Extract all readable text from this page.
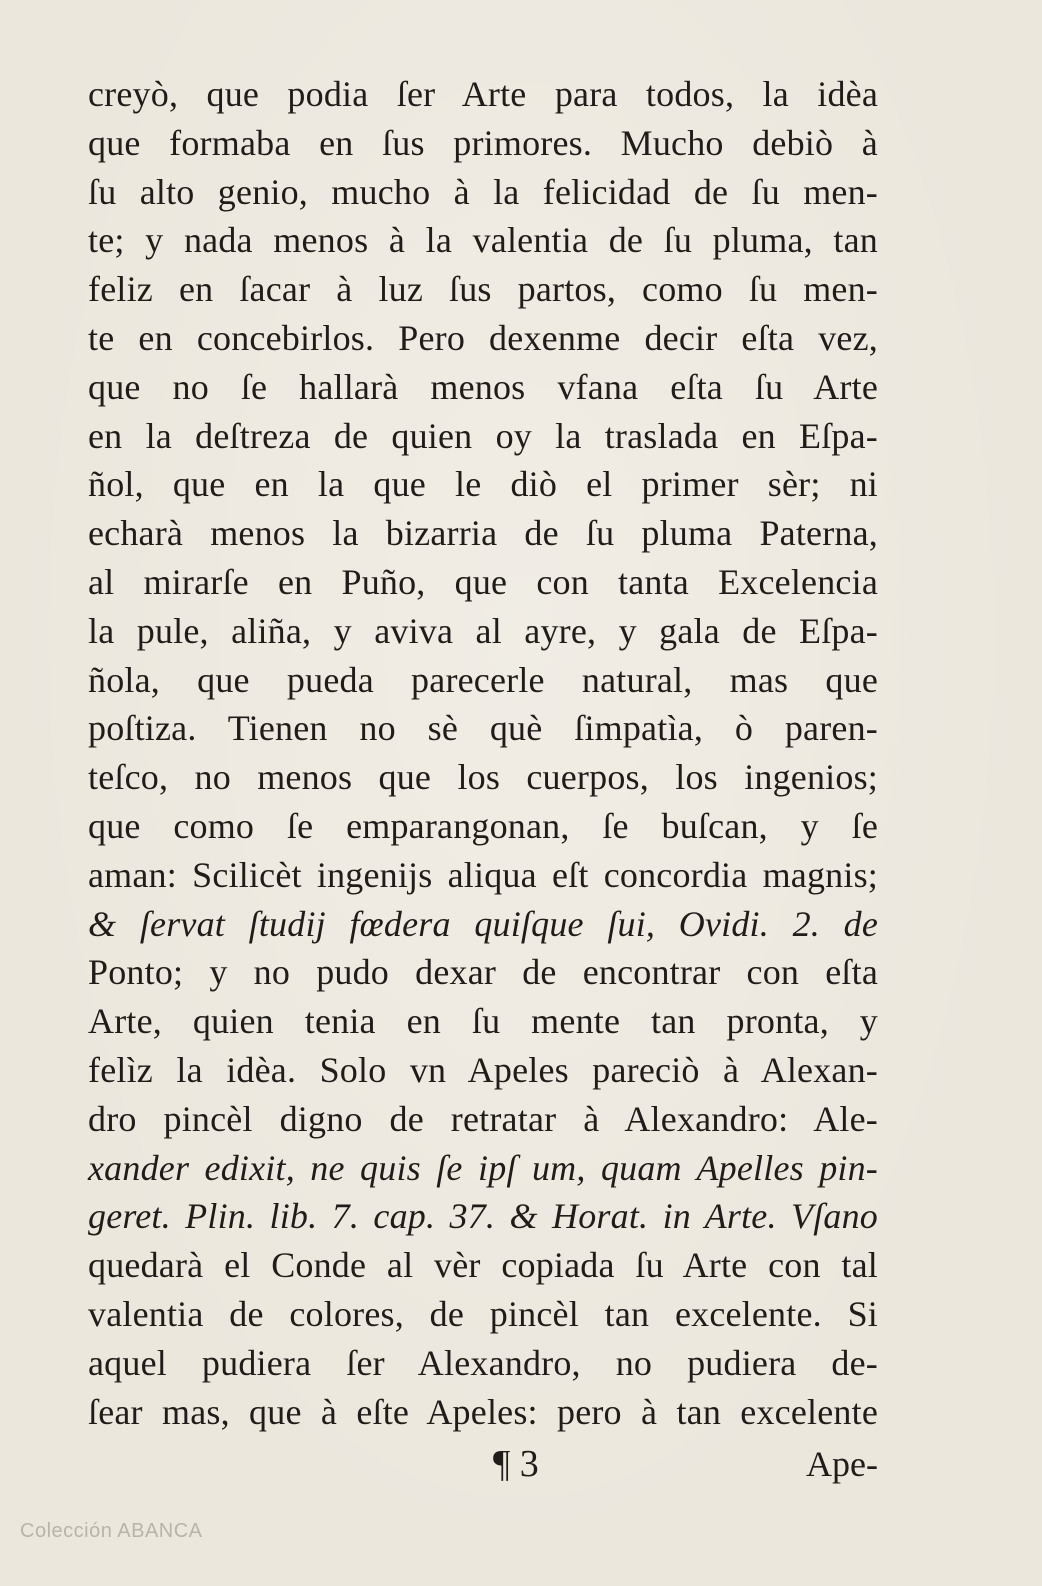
creyò, que podia ſer Arte para todos, la idèa
que formaba en ſus primores. Mucho debiò à
ſu alto genio, mucho à la felicidad de ſu men-
te; y nada menos à la valentia de ſu pluma, tan
feliz en ſacar à luz ſus partos, como ſu men-
te en concebirlos. Pero dexenme decir eſta vez,
que no ſe hallarà menos vfana eſta ſu Arte
en la deſtreza de quien oy la traslada en Eſpa-
ñol, que en la que le diò el primer sèr; ni
echarà menos la bizarria de ſu pluma Paterna,
al mirarſe en Puño, que con tanta Excelencia
la pule, aliña, y aviva al ayre, y gala de Eſpa-
ñola, que pueda parecerle natural, mas que
poſtiza. Tienen no sè què ſimpatìa, ò paren-
teſco, no menos que los cuerpos, los ingenios;
que como ſe emparangonan, ſe buſcan, y ſe
aman: Scilicèt ingenijs aliqua eſt concordia magnis;
& ſervat ſtudij fœdera quiſque ſui, Ovidi. 2. de
Ponto; y no pudo dexar de encontrar con eſta
Arte, quien tenia en ſu mente tan pronta, y
felìz la idèa. Solo vn Apeles pareciò à Alexan-
dro pincèl digno de retratar à Alexandro: Ale-
xander edixit, ne quis ſe ipſ um, quam Apelles pin-
geret. Plin. lib. 7. cap. 37. & Horat. in Arte. Vſano
quedarà el Conde al vèr copiada ſu Arte con tal
valentia de colores, de pincèl tan excelente. Si
aquel pudiera ſer Alexandro, no pudiera de-
ſear mas, que à eſte Apeles: pero à tan excelente
¶ 3	Ape-
Colección ABANCA
